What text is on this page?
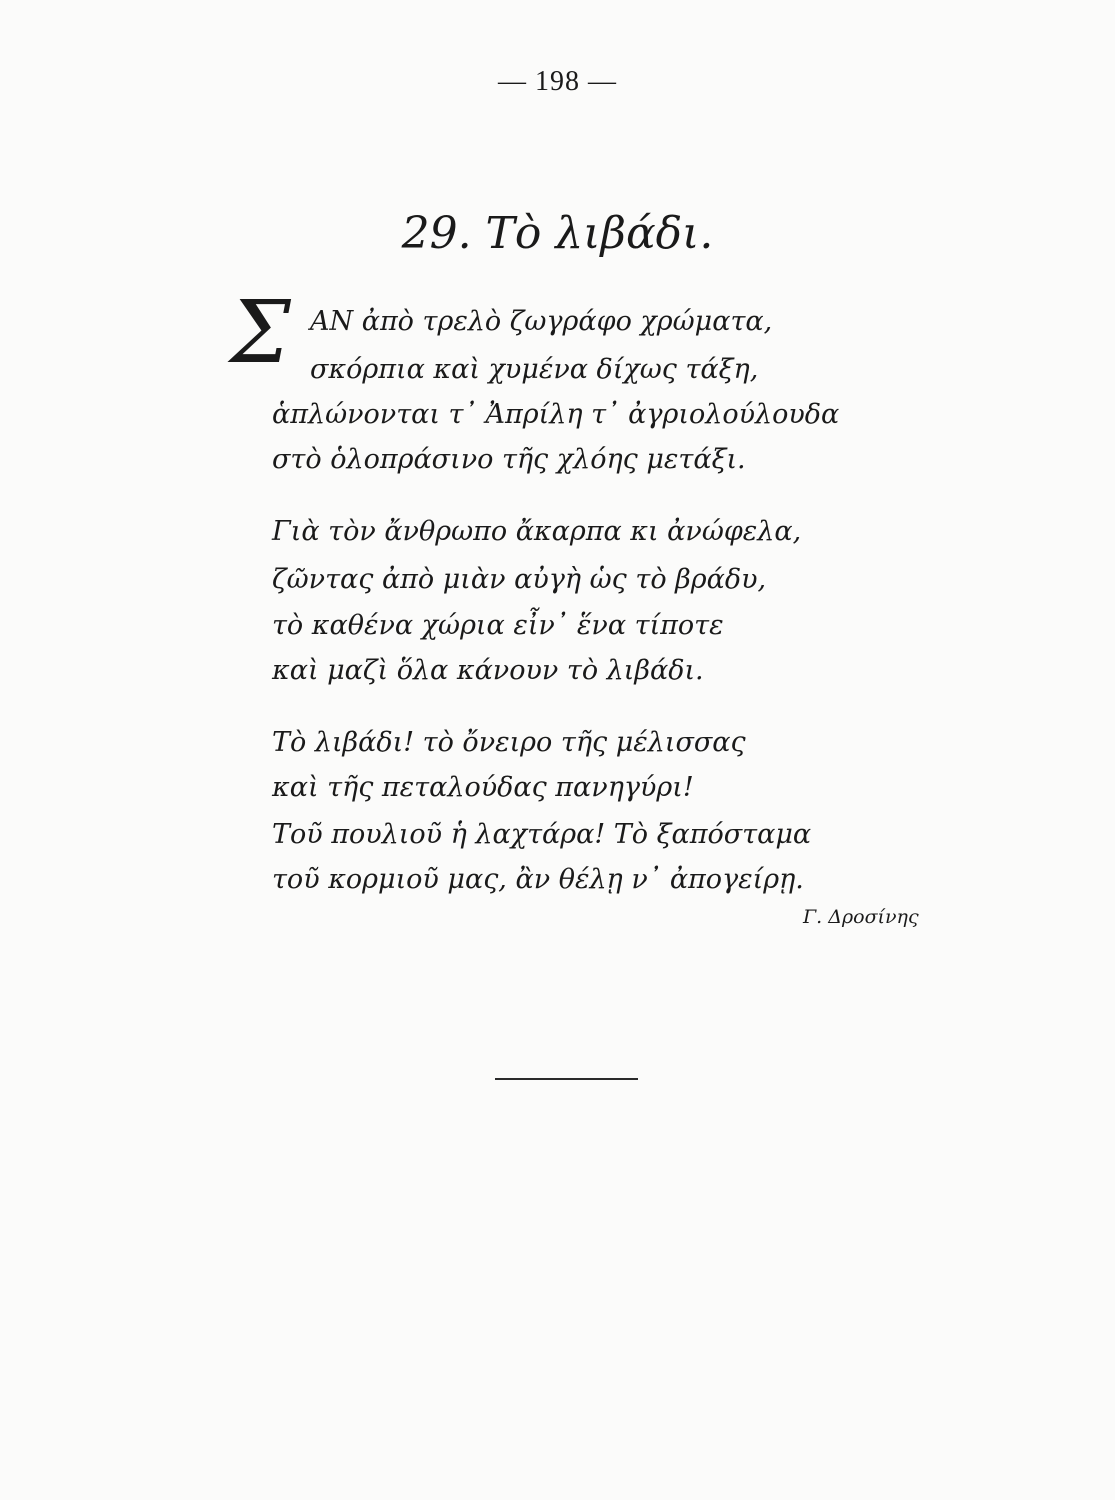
— 198 —
29. Τὸ λιβάδι.
Σ ΑΝ ἀπὸ τρελὸ ζωγράφο χρώματα,
σκόρπια καὶ χυμένα δίχως τάξη,
ἁπλώνονται τ᾿ Ἀπρίλη τ᾿ ἀγριολούλουδα
στὸ ὁλοπράσινο τῆς χλόης μετάξι.
Γιὰ τὸν ἄνθρωπο ἄκαρπα κι ἀνώφελα,
ζῶντας ἀπὸ μιὰν αὐγὴ ὡς τὸ βράδυ,
τὸ καθένα χώρια εἶν᾿ ἕνα τίποτε
καὶ μαζὶ ὅλα κάνουν τὸ λιβάδι.
Τὸ λιβάδι! τὸ ὄνειρο τῆς μέλισσας
καὶ τῆς πεταλούδας πανηγύρι!
Τοῦ πουλιοῦ ἡ λαχτάρα! Τὸ ξαπόσταμα
τοῦ κορμιοῦ μας, ἂν θέλῃ ν᾿ ἀπογείρῃ.
Γ. Δροσίνης
